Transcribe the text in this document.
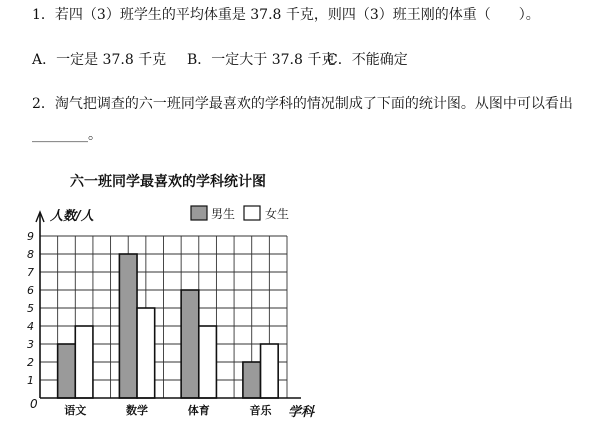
1．若四（3）班学生的平均体重是 37.8 千克，则四（3）班王刚的体重（　　）。
A．一定是 37.8 千克 B．一定大于 37.8 千克C．不能确定
2．淘气把调查的六一班同学最喜欢的学科的情况制成了下面的统计图。从图中可以看出
________。
六一班同学最喜欢的学科统计图
人数/人
学科
0
男生 女生
1
2
3
4
5
6
7
8
9
语文	数学	体育	音乐
